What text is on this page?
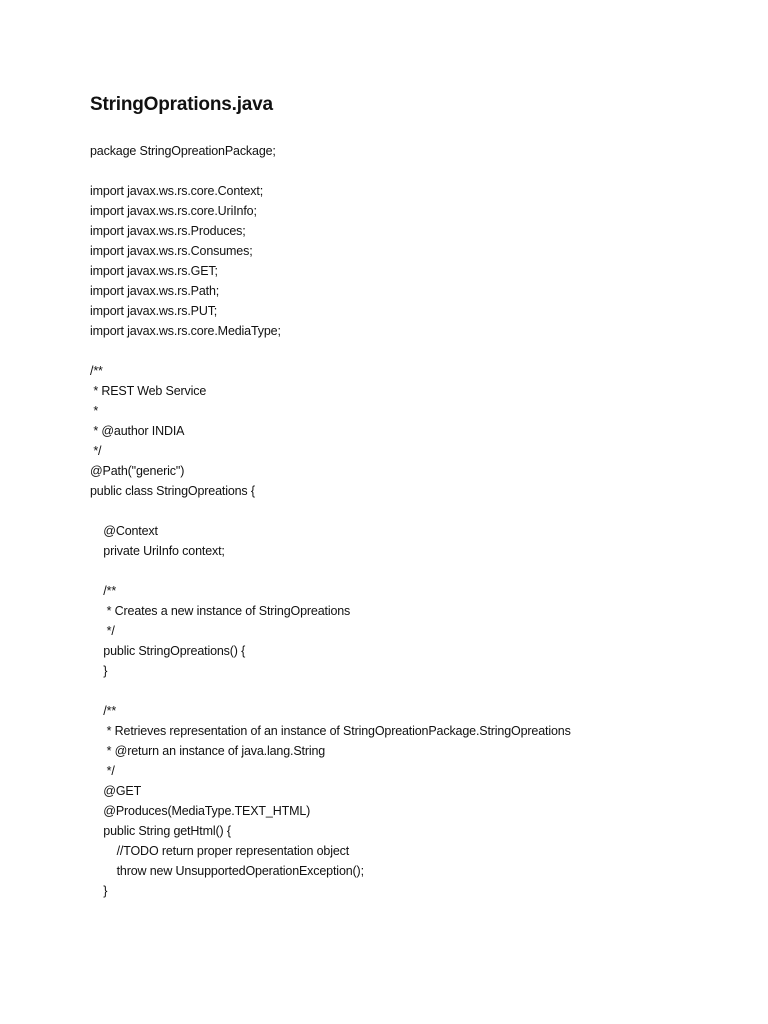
StringOprations.java
package StringOpreationPackage;
import javax.ws.rs.core.Context;
import javax.ws.rs.core.UriInfo;
import javax.ws.rs.Produces;
import javax.ws.rs.Consumes;
import javax.ws.rs.GET;
import javax.ws.rs.Path;
import javax.ws.rs.PUT;
import javax.ws.rs.core.MediaType;
/**
* REST Web Service
*
* @author INDIA
*/
@Path("generic")
public class StringOpreations {
@Context
private UriInfo context;
/**
* Creates a new instance of StringOpreations
*/
public StringOpreations() {
}
/**
* Retrieves representation of an instance of StringOpreationPackage.StringOpreations
* @return an instance of java.lang.String
*/
@GET
@Produces(MediaType.TEXT_HTML)
public String getHtml() {
//TODO return proper representation object
throw new UnsupportedOperationException();
}
